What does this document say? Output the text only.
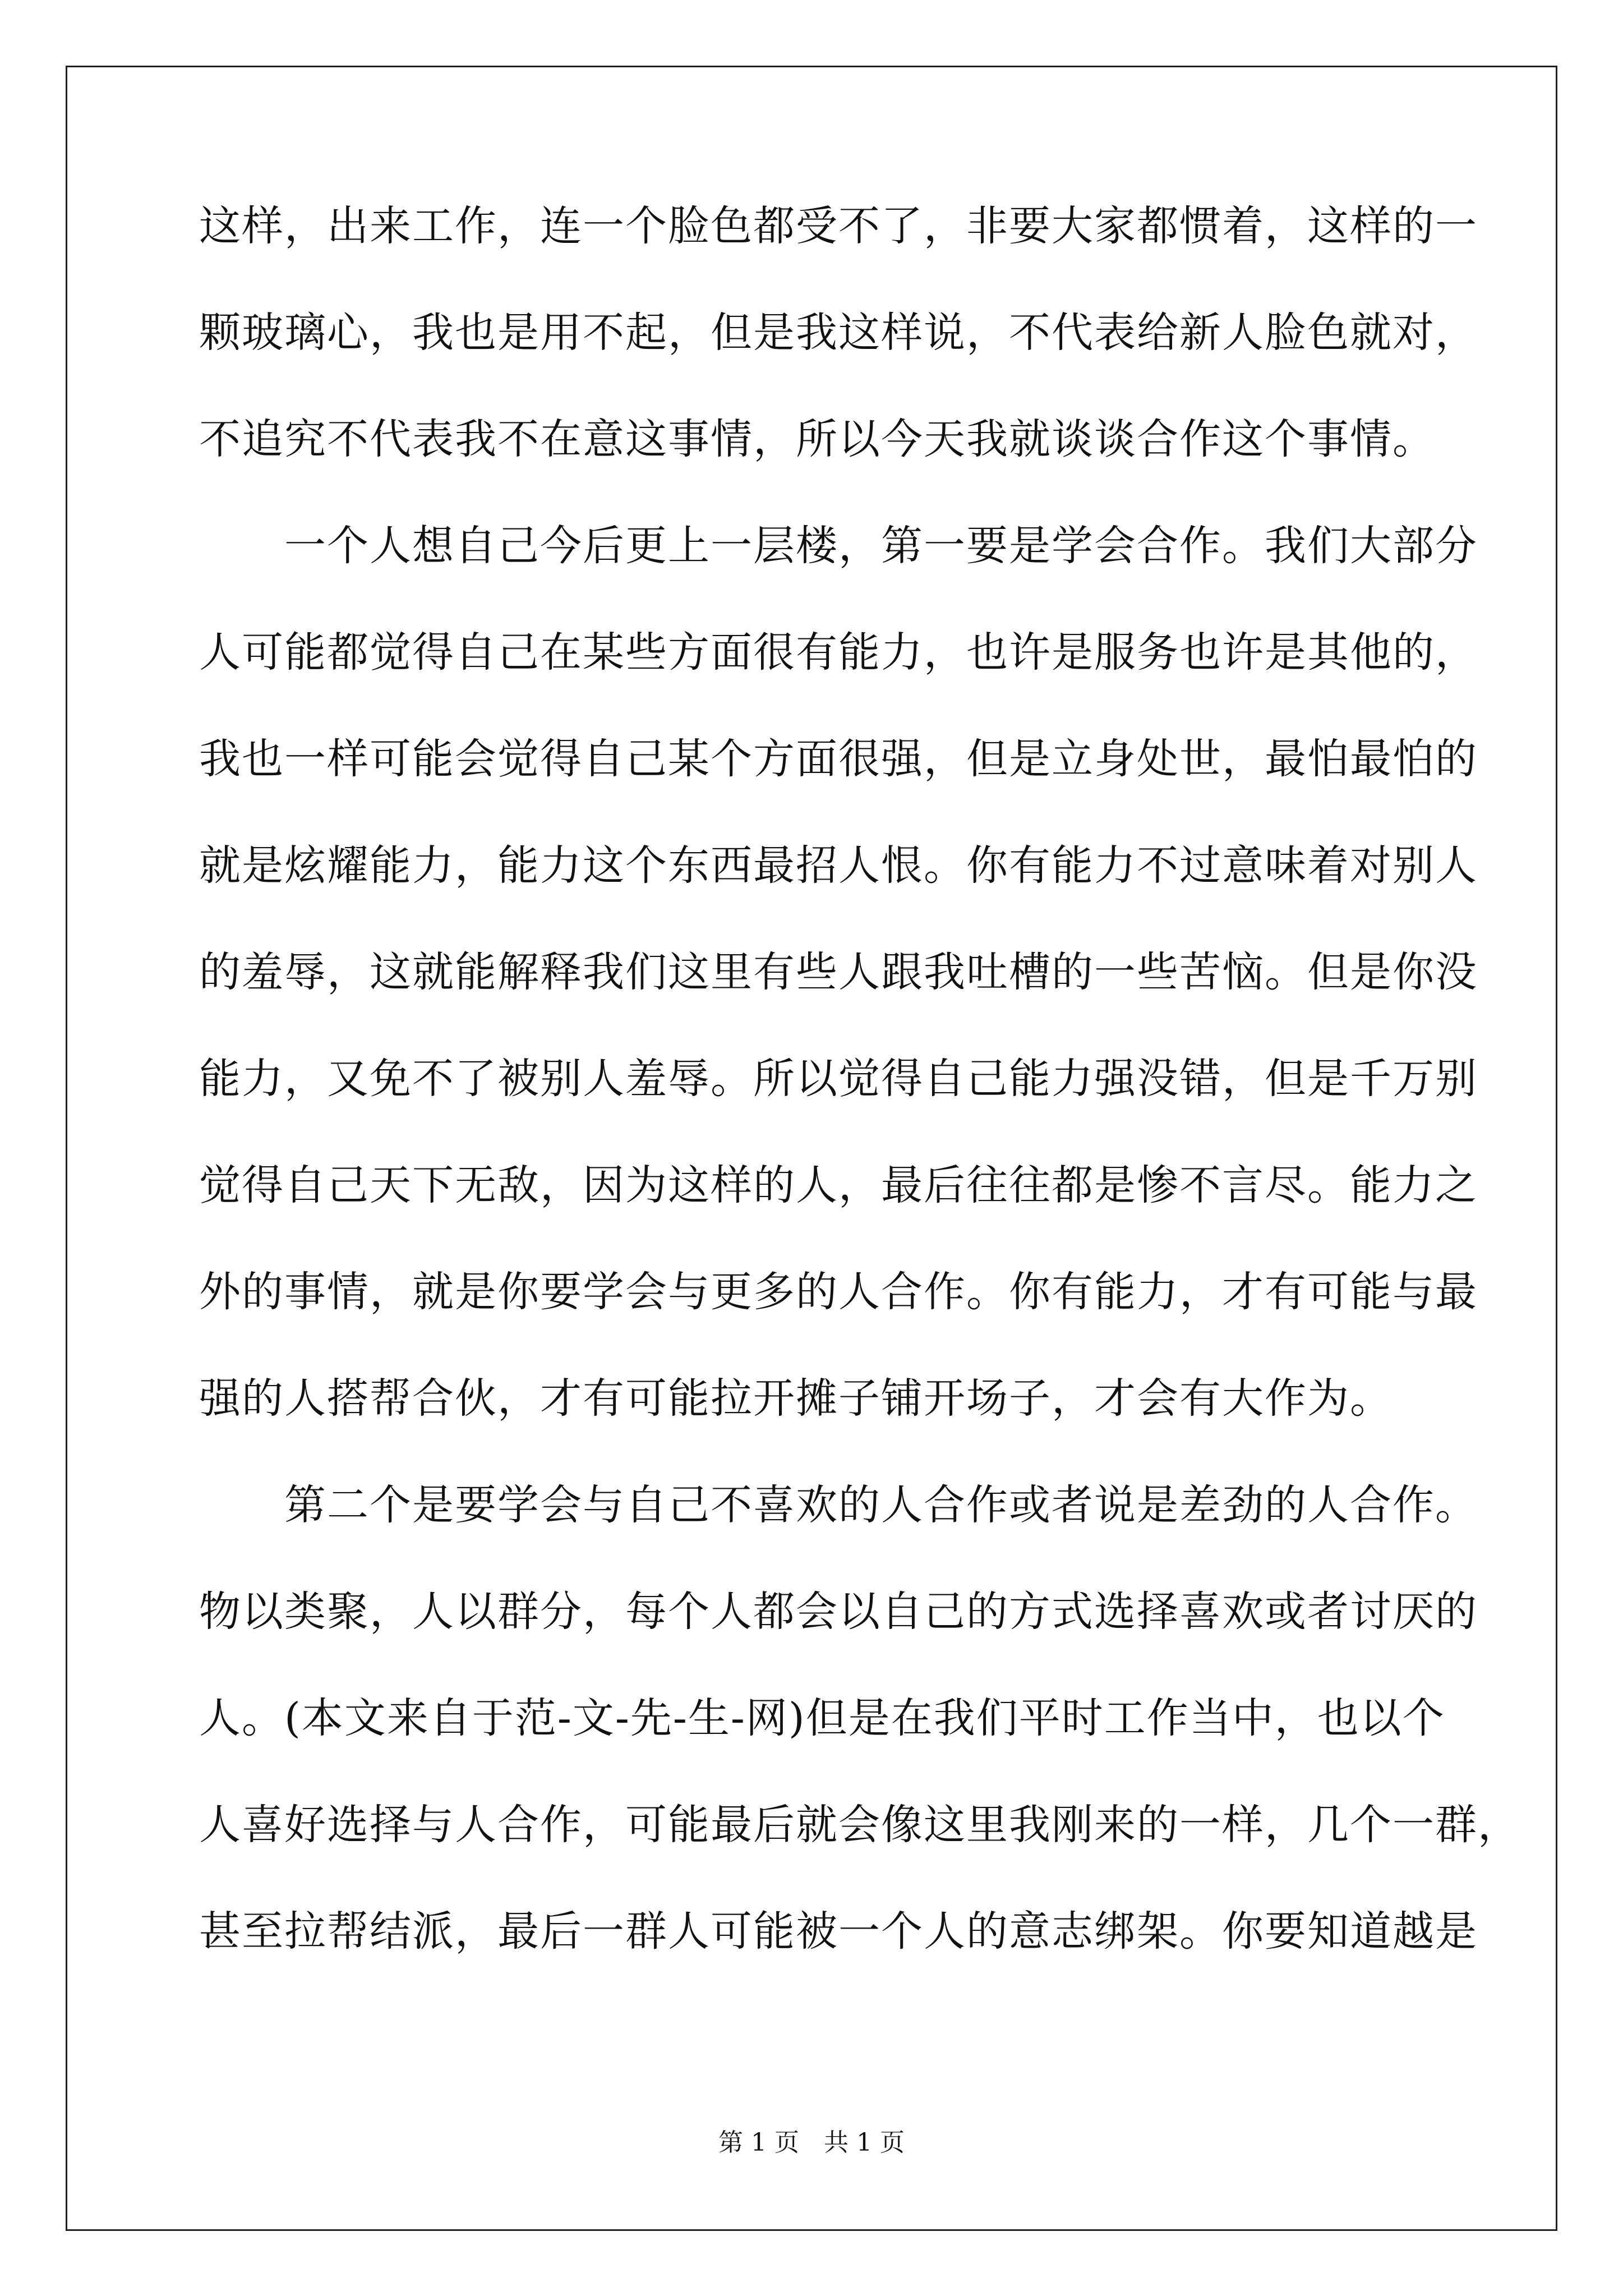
这样，出来工作，连一个脸色都受不了，非要大家都惯着，这样的一
颗玻璃心，我也是用不起，但是我这样说，不代表给新人脸色就对，
不追究不代表我不在意这事情，所以今天我就谈谈合作这个事情。
　　一个人想自己今后更上一层楼，第一要是学会合作。我们大部分
人可能都觉得自己在某些方面很有能力，也许是服务也许是其他的，
我也一样可能会觉得自己某个方面很强，但是立身处世，最怕最怕的
就是炫耀能力，能力这个东西最招人恨。你有能力不过意味着对别人
的羞辱，这就能解释我们这里有些人跟我吐槽的一些苦恼。但是你没
能力，又免不了被别人羞辱。所以觉得自己能力强没错，但是千万别
觉得自己天下无敌，因为这样的人，最后往往都是惨不言尽。能力之
外的事情，就是你要学会与更多的人合作。你有能力，才有可能与最
强的人搭帮合伙，才有可能拉开摊子铺开场子，才会有大作为。
　　第二个是要学会与自己不喜欢的人合作或者说是差劲的人合作。
物以类聚，人以群分，每个人都会以自己的方式选择喜欢或者讨厌的
人。(本文来自于范-文-先-生-网)但是在我们平时工作当中，也以个
人喜好选择与人合作，可能最后就会像这里我刚来的一样，几个一群，
甚至拉帮结派，最后一群人可能被一个人的意志绑架。你要知道越是
第 1 页　共 1 页
